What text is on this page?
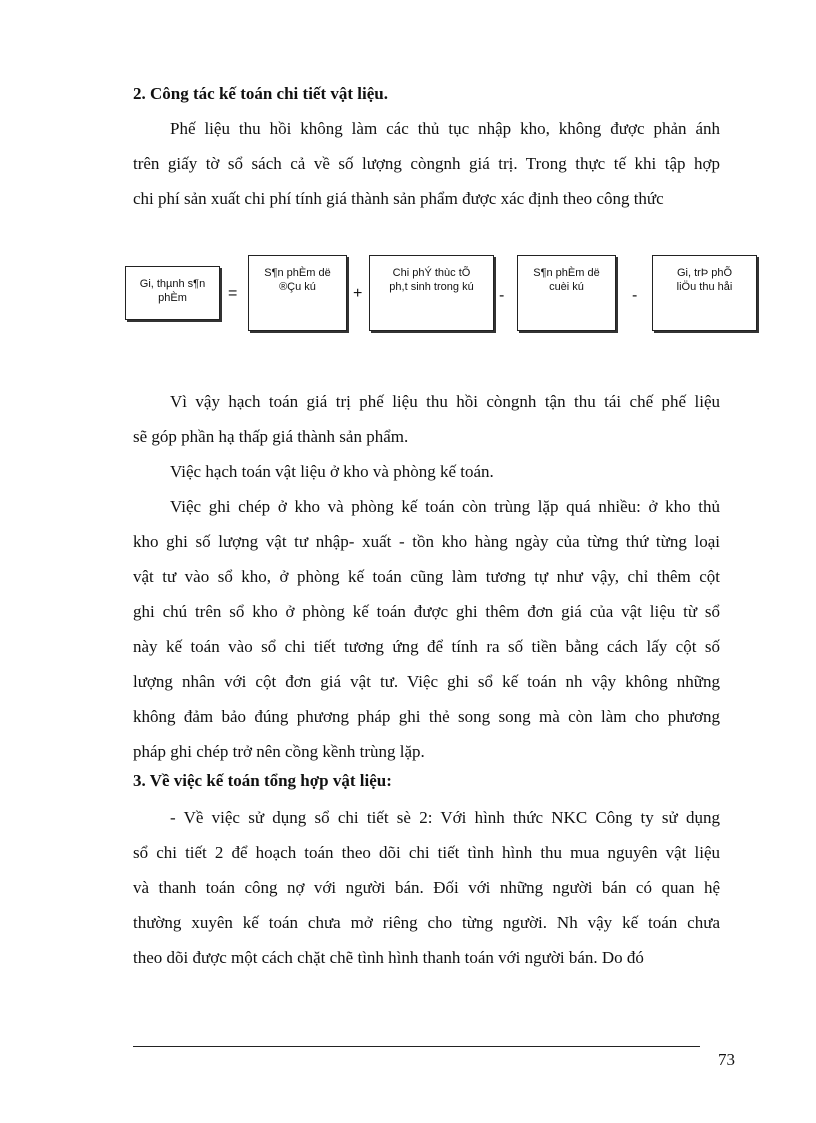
2. Công tác kế toán chi tiết vật liệu.
Phế liệu thu hồi không làm các thủ tục nhập kho, không được phản ánh
trên giấy tờ sổ sách cả về số lượng còngnh giá trị. Trong thực tế khi tập hợp
chi phí sản xuất chi phí tính giá thành sản phẩm được xác định theo công thức
Gi, thµnh s¶n
phÈm	=
S¶n phÈm dë
®Çu kú	+
Chi phÝ thùc tÕ
ph,t sinh trong kú	-
S¶n phÈm dë
cuèi kú	-
Gi, trÞ phÕ
liÖu thu håi
Vì vậy hạch toán giá trị phế liệu thu hồi còngnh tận thu tái chế phế liệu
sẽ góp phần hạ thấp giá thành sản phẩm.
Việc hạch toán vật liệu ở kho và phòng kế toán.
Việc ghi chép ở kho và phòng kế toán còn trùng lặp quá nhiều: ở kho thủ
kho ghi số lượng vật tư nhập- xuất - tồn kho hàng ngày của từng thứ từng loại
vật tư vào sổ kho, ở phòng kế toán cũng làm tương tự như vậy, chỉ thêm cột
ghi chú trên sổ kho ở phòng kế toán được ghi thêm đơn giá của vật liệu từ sổ
này kế toán vào sổ chi tiết tương ứng để tính ra số tiền bằng cách lấy cột số
lượng nhân với cột đơn giá vật tư. Việc ghi sổ kế toán nh vậy không những
không đảm bảo đúng phương pháp ghi thẻ song song mà còn làm cho phương
pháp ghi chép trở nên cồng kềnh trùng lặp.
3. Về việc kế toán tổng hợp vật liệu:
- Về việc sử dụng sổ chi tiết sè 2: Với hình thức NKC Công ty sử dụng
sổ chi tiết 2 để hoạch toán theo dõi chi tiết tình hình thu mua nguyên vật liệu
và thanh toán công nợ với người bán. Đối với những người bán có quan hệ
thường xuyên kế toán chưa mở riêng cho từng người. Nh vậy kế toán chưa
theo dõi được một cách chặt chẽ tình hình thanh toán với người bán. Do đó
73
